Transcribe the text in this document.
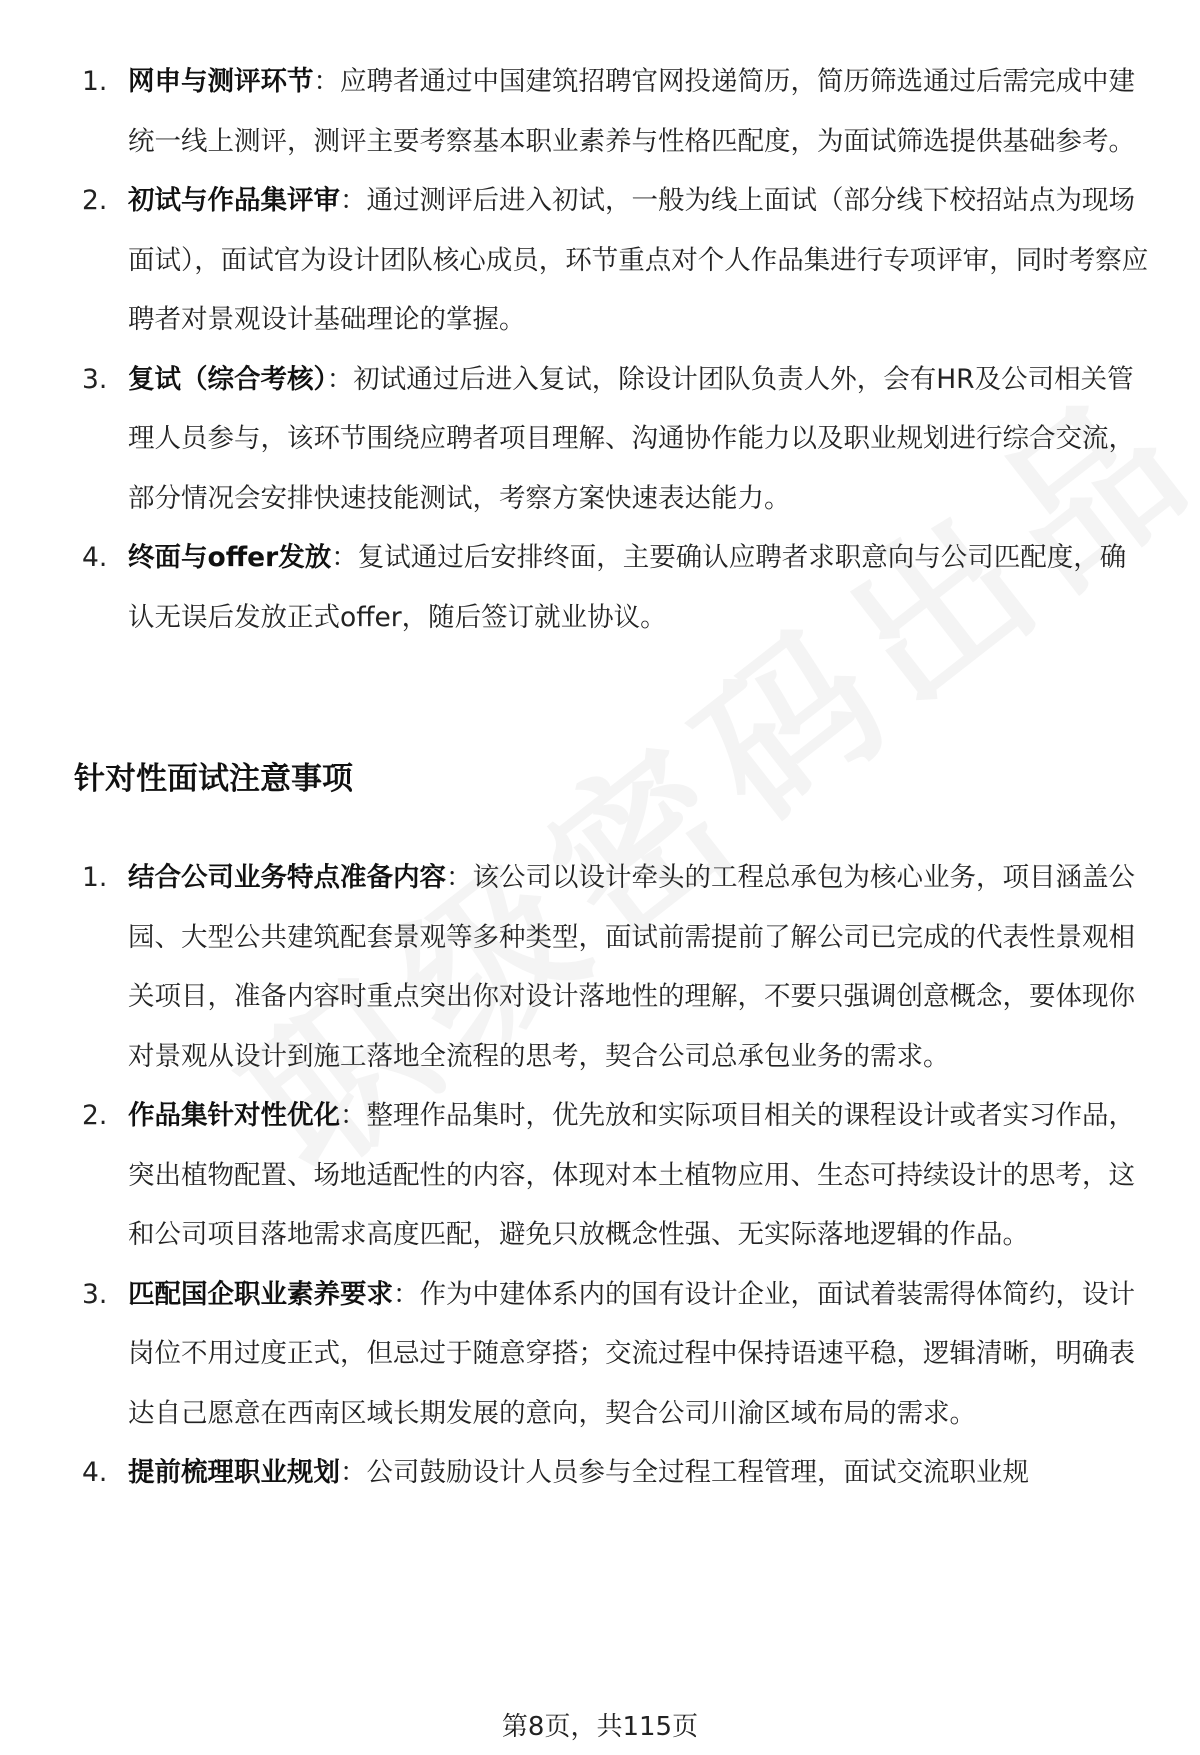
1. 网申与测评环节：应聘者通过中国建筑招聘官网投递简历，简历筛选通过后需完成中建统一线上测评，测评主要考察基本职业素养与性格匹配度，为面试筛选提供基础参考。
2. 初试与作品集评审：通过测评后进入初试，一般为线上面试（部分线下校招站点为现场面试），面试官为设计团队核心成员，环节重点对个人作品集进行专项评审，同时考察应聘者对景观设计基础理论的掌握。
3. 复试（综合考核）：初试通过后进入复试，除设计团队负责人外，会有HR及公司相关管理人员参与，该环节围绕应聘者项目理解、沟通协作能力以及职业规划进行综合交流，部分情况会安排快速技能测试，考察方案快速表达能力。
4. 终面与offer发放：复试通过后安排终面，主要确认应聘者求职意向与公司匹配度，确认无误后发放正式offer，随后签订就业协议。
针对性面试注意事项
1. 结合公司业务特点准备内容：该公司以设计牵头的工程总承包为核心业务，项目涵盖公园、大型公共建筑配套景观等多种类型，面试前需提前了解公司已完成的代表性景观相关项目，准备内容时重点突出你对设计落地性的理解，不要只强调创意概念，要体现你对景观从设计到施工落地全流程的思考，契合公司总承包业务的需求。
2. 作品集针对性优化：整理作品集时，优先放和实际项目相关的课程设计或者实习作品，突出植物配置、场地适配性的内容，体现对本土植物应用、生态可持续设计的思考，这和公司项目落地需求高度匹配，避免只放概念性强、无实际落地逻辑的作品。
3. 匹配国企职业素养要求：作为中建体系内的国有设计企业，面试着装需得体简约，设计岗位不用过度正式，但忌过于随意穿搭；交流过程中保持语速平稳，逻辑清晰，明确表达自己愿意在西南区域长期发展的意向，契合公司川渝区域布局的需求。
4. 提前梳理职业规划：公司鼓励设计人员参与全过程工程管理，面试交流职业规
第8页，共115页
